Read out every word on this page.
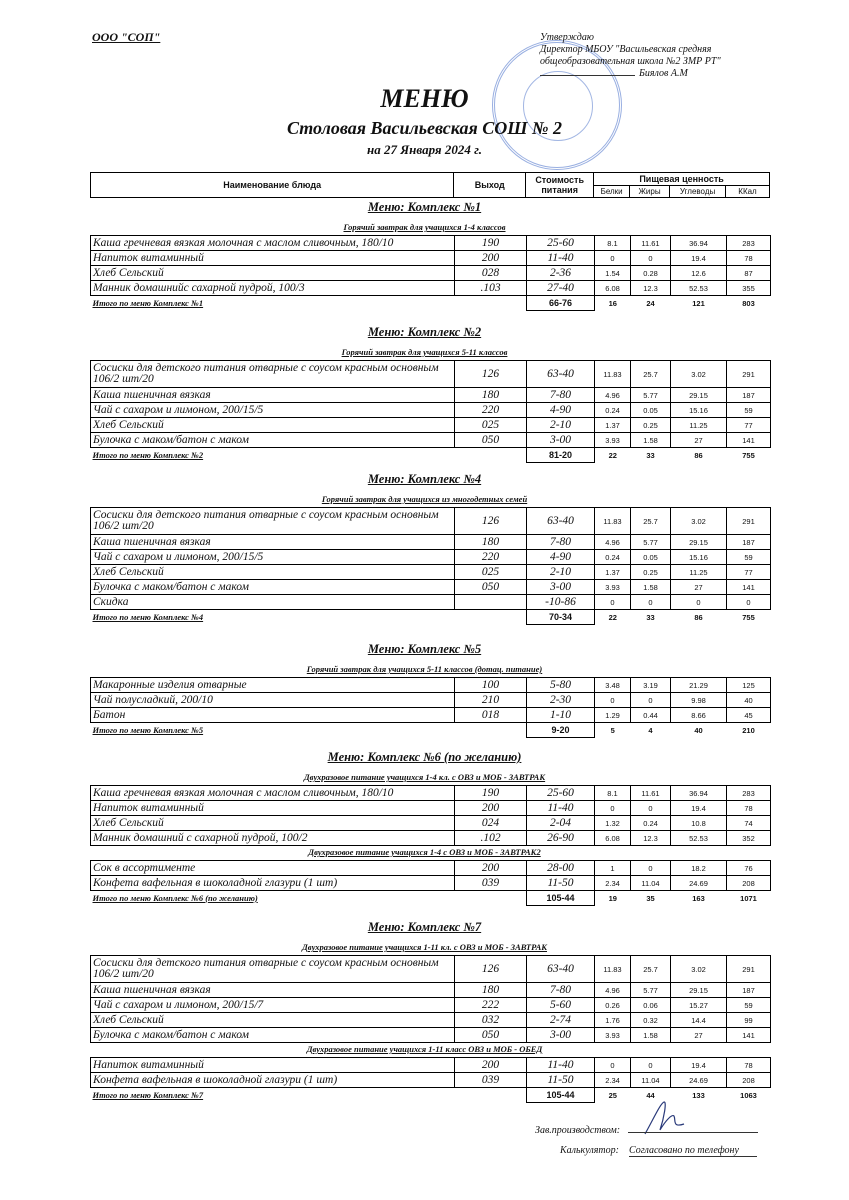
ООО "СОП"	Утверждаю
Директор МБОУ "Васильевская средняя
общеобразовательная школа №2 ЗМР РТ"
Биялов А.М
МЕНЮ
Столовая Васильевская СОШ № 2
на 27 Января 2024 г.
Наименование блюда	Выход	Стоимость
питания	Пищевая ценность			
			Белки	Жиры	Углеводы	ККал
Меню: Комплекс №1
Горячий завтрак для учащихся 1-4 классов
Каша гречневая вязкая молочная с маслом сливочным, 180/10	190	25-60	8.1	11.61	36.94	283
Напиток витаминный	200	11-40	0	0	19.4	78
Хлеб Сельский	028	2-36	1.54	0.28	12.6	87
Манник домашнийс сахарной пудрой, 100/3	.103	27-40	6.08	12.3	52.53	355
Итого по меню Комплекс №1		66-76	16	24	121	803
Меню: Комплекс №2
Горячий завтрак для учащихся 5-11 классов
Сосиски для детского питания отварные с соусом красным основным 106/2 шт/20	126	63-40	11.83	25.7	3.02	291
Каша пшеничная вязкая	180	7-80	4.96	5.77	29.15	187
Чай с сахаром и лимоном, 200/15/5	220	4-90	0.24	0.05	15.16	59
Хлеб Сельский	025	2-10	1.37	0.25	11.25	77
Булочка с маком/батон с маком	050	3-00	3.93	1.58	27	141
Итого по меню Комплекс №2		81-20	22	33	86	755
Меню: Комплекс №4
Горячий завтрак для учащихся из многодетных семей
Сосиски для детского питания отварные с соусом красным основным 106/2 шт/20	126	63-40	11.83	25.7	3.02	291
Каша пшеничная вязкая	180	7-80	4.96	5.77	29.15	187
Чай с сахаром и лимоном, 200/15/5	220	4-90	0.24	0.05	15.16	59
Хлеб Сельский	025	2-10	1.37	0.25	11.25	77
Булочка с маком/батон с маком	050	3-00	3.93	1.58	27	141
Скидка		-10-86	0	0	0	0
Итого по меню Комплекс №4		70-34	22	33	86	755
Меню: Комплекс №5
Горячий завтрак для учащихся 5-11 классов (дотац. питание)
Макаронные изделия отварные	100	5-80	3.48	3.19	21.29	125
Чай полусладкий, 200/10	210	2-30	0	0	9.98	40
Батон	018	1-10	1.29	0.44	8.66	45
Итого по меню Комплекс №5		9-20	5	4	40	210
Меню: Комплекс №6 (по желанию)
Двухразовое питание учащихся 1-4 кл. с ОВЗ и МОБ - ЗАВТРАК
Каша гречневая вязкая молочная с маслом сливочным, 180/10	190	25-60	8.1	11.61	36.94	283
Напиток витаминный	200	11-40	0	0	19.4	78
Хлеб Сельский	024	2-04	1.32	0.24	10.8	74
Манник домашний с сахарной пудрой, 100/2	.102	26-90	6.08	12.3	52.53	352
Двухразовое питание учащихся 1-4 с ОВЗ и МОБ - ЗАВТРАК2
Сок в ассортименте	200	28-00	1	0	18.2	76
Конфета вафельная в шоколадной глазури (1 шт)	039	11-50	2.34	11.04	24.69	208
Итого по меню Комплекс №6 (по желанию)		105-44	19	35	163	1071
Меню: Комплекс №7
Двухразовое питание учащихся 1-11 кл. с ОВЗ и МОБ - ЗАВТРАК
Сосиски для детского питания отварные с соусом красным основным 106/2 шт/20	126	63-40	11.83	25.7	3.02	291
Каша пшеничная вязкая	180	7-80	4.96	5.77	29.15	187
Чай с сахаром и лимоном, 200/15/7	222	5-60	0.26	0.06	15.27	59
Хлеб Сельский	032	2-74	1.76	0.32	14.4	99
Булочка с маком/батон с маком	050	3-00	3.93	1.58	27	141
Двухразовое питание учащихся 1-11 класс ОВЗ и МОБ - ОБЕД
Напиток витаминный	200	11-40	0	0	19.4	78
Конфета вафельная в шоколадной глазури (1 шт)	039	11-50	2.34	11.04	24.69	208
Итого по меню Комплекс №7		105-44	25	44	133	1063
Зав.производством:
Калькулятор: Согласовано по телефону
